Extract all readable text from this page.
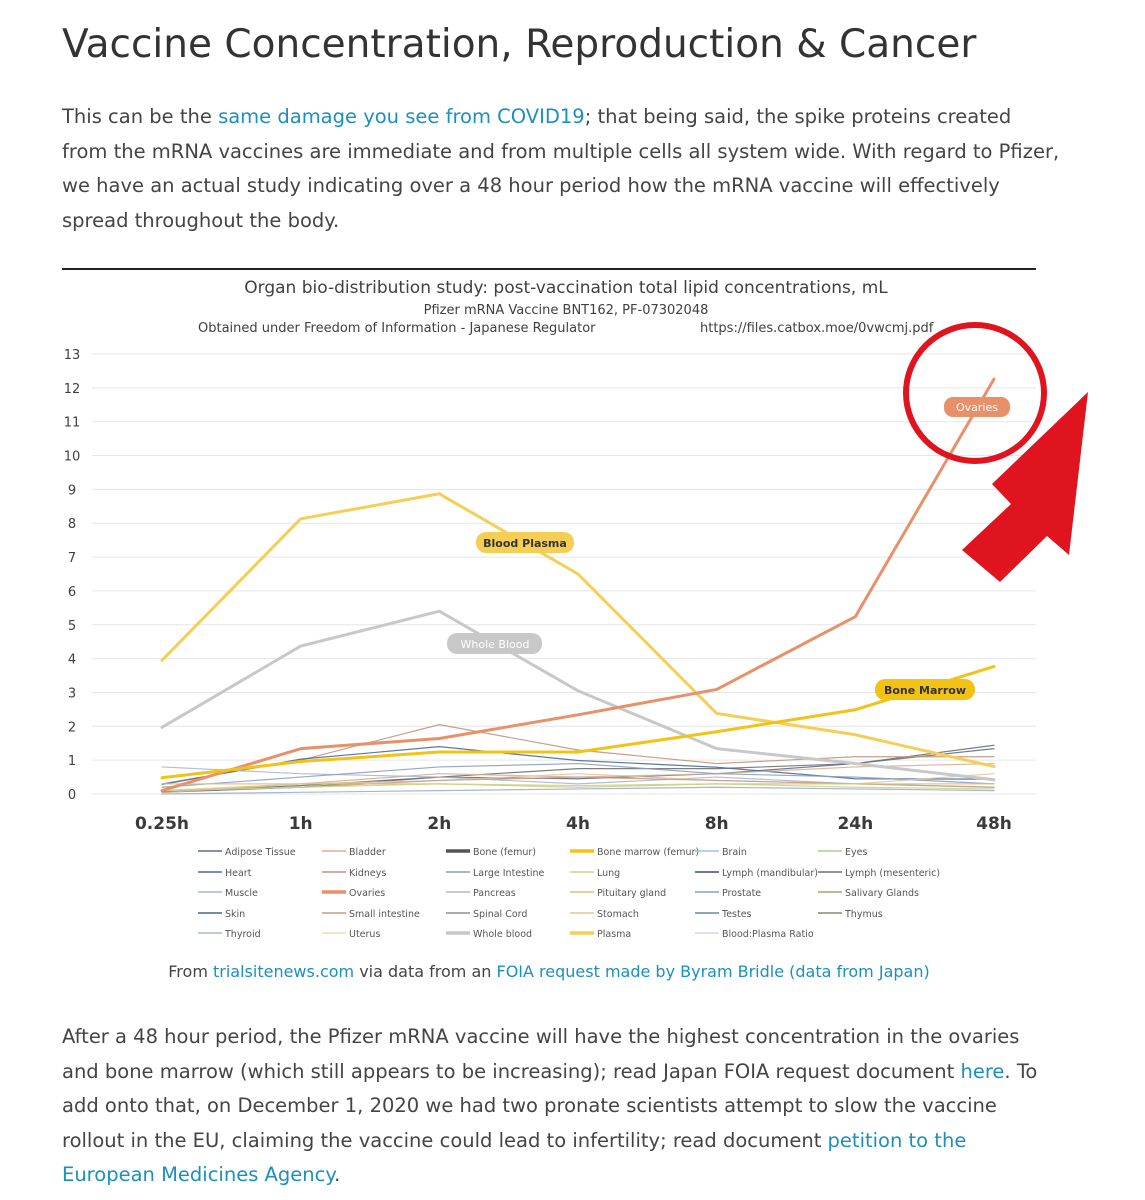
Vaccine Concentration, Reproduction & Cancer

This can be the same damage you see from COVID19; that being said, the spike proteins created from the mRNA vaccines are immediate and from multiple cells all system wide. With regard to Pfizer, we have an actual study indicating over a 48 hour period how the mRNA vaccine will effectively spread throughout the body.

Organ bio-distribution study: post-vaccination total lipid concentrations, mL
Pfizer mRNA Vaccine BNT162, PF-07302048
Obtained under Freedom of Information - Japanese Regulator	https://files.catbox.moe/0vwcmj.pdf
0
1
2
3
4
5
6
7
8
9
10
11
12
13
0.25h	1h	2h	4h	8h	24h	48h
Blood Plasma
Whole Blood
Bone Marrow
Ovaries
Adipose Tissue	Bladder	Bone (femur)	Bone marrow (femur) Brain	Eyes
Heart	Kidneys	Large Intestine	Lung	Lymph (mandibular)	Lymph (mesenteric)
Muscle	Ovaries	Pancreas	Pituitary gland	Prostate	Salivary Glands
Skin	Small intestine	Spinal Cord	Stomach	Testes	Thymus
Thyroid	Uterus	Whole blood	Plasma	Blood:Plasma Ratio
From trialsitenews.com via data from an FOIA request made by Byram Bridle (data from Japan)

After a 48 hour period, the Pfizer mRNA vaccine will have the highest concentration in the ovaries and bone marrow (which still appears to be increasing); read Japan FOIA request document here. To add onto that, on December 1, 2020 we had two pronate scientists attempt to slow the vaccine rollout in the EU, claiming the vaccine could lead to infertility; read document petition to the European Medicines Agency.
